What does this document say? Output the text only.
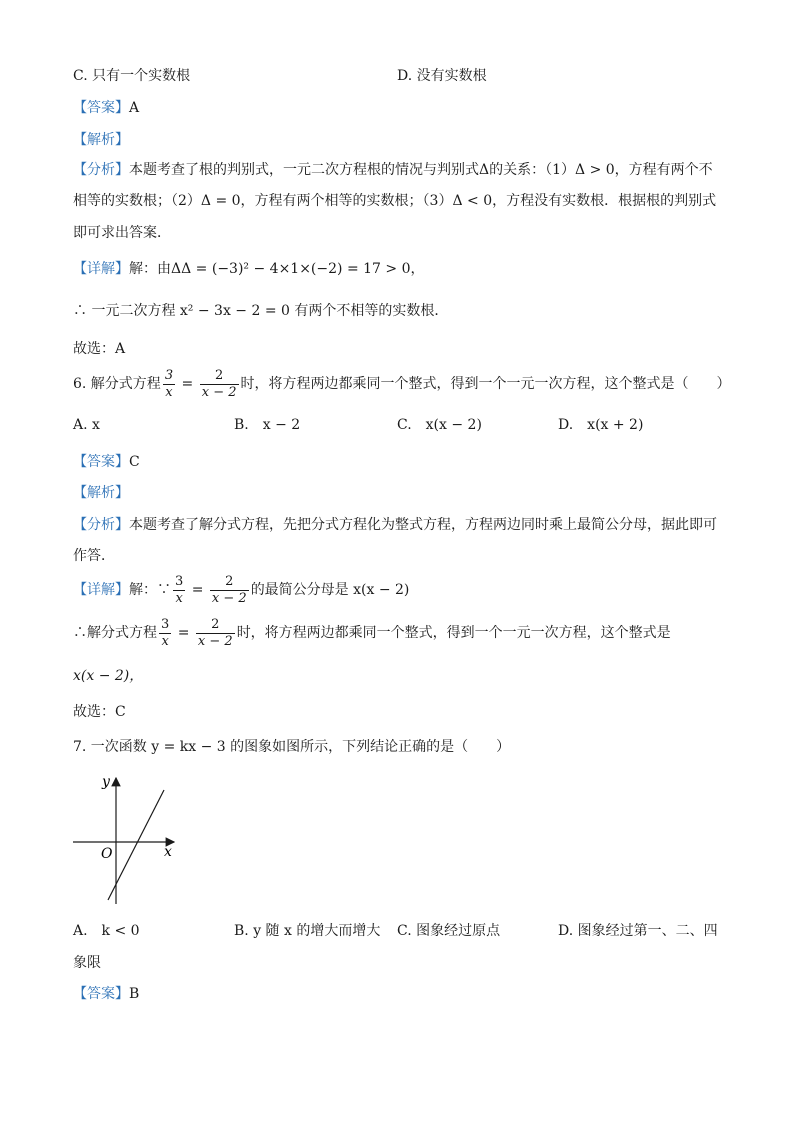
C. 只有一个实数根	D. 没有实数根
【答案】A
【解析】
【分析】本题考查了根的判别式，一元二次方程根的情况与判别式Δ的关系：（1）Δ > 0，方程有两个不
相等的实数根；（2）Δ = 0，方程有两个相等的实数根；（3）Δ < 0，方程没有实数根．根据根的判别式
即可求出答案．
【详解】解：由ΔΔ = (−3)² − 4×1×(−2) = 17 > 0，
∴ 一元二次方程 x² − 3x − 2 = 0 有两个不相等的实数根．
故选：A
6. 解分式方程 $\frac{3}{x} = \frac{2}{x - 2}$ 时，将方程两边都乘同一个整式，得到一个一元一次方程，这个整式是（　　）
A. x	B.　x − 2	C.　x(x − 2)	D.　x(x + 2)
【答案】C
【解析】
【分析】本题考查了解分式方程，先把分式方程化为整式方程，方程两边同时乘上最简公分母，据此即可
作答．
【详解】解：∵ $\frac{3}{x} = \frac{2}{x - 2}$ 的最简公分母是 x(x − 2)
∴解分式方程 $\frac{3}{x} = \frac{2}{x - 2}$ 时，将方程两边都乘同一个整式，得到一个一元一次方程，这个整式是
x(x − 2)，
故选：C
7. 一次函数 y = kx − 3 的图象如图所示，下列结论正确的是（　　）
y
x
O
A.　k < 0	B. y 随 x 的增大而增大 C. 图象经过原点	D. 图象经过第一、二、四
象限
【答案】B
